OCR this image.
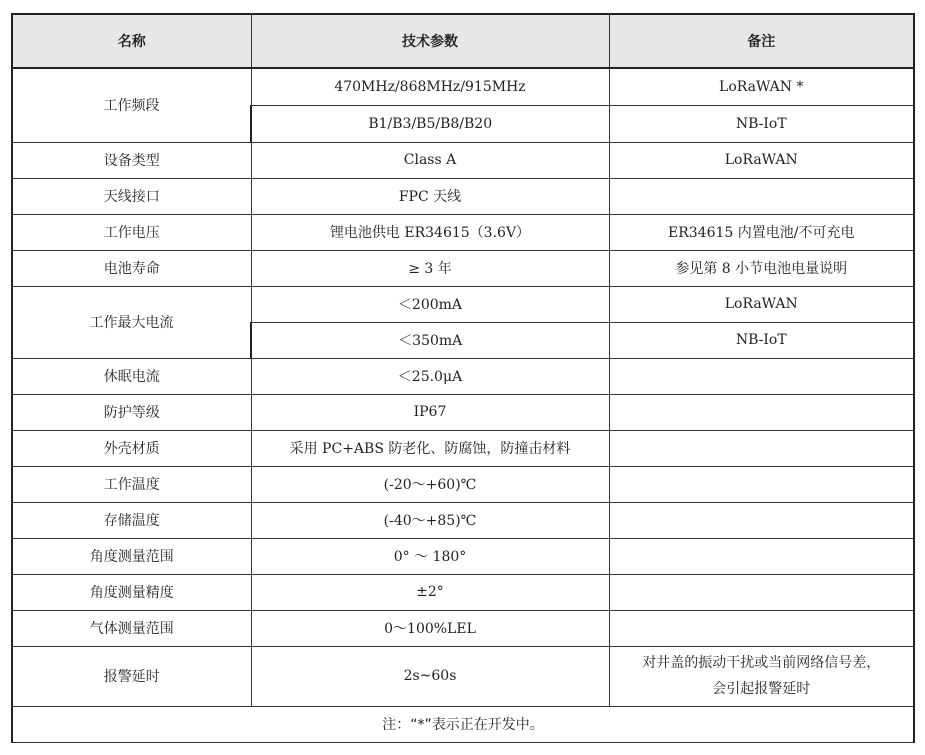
名称	技术参数	备注
工作频段	470MHz/868MHz/915MHz	LoRaWAN *
	B1/B3/B5/B8/B20	NB-IoT
设备类型	Class A	LoRaWAN
天线接口	FPC 天线	
工作电压	锂电池供电 ER34615（3.6V）	ER34615 内置电池/不可充电
电池寿命	≥ 3 年	参见第 8 小节电池电量说明
工作最大电流	＜200mA	LoRaWAN
	＜350mA	NB-IoT
休眠电流	＜25.0μA	
防护等级	IP67	
外壳材质	采用 PC+ABS 防老化、防腐蚀，防撞击材料	
工作温度	(-20～+60)℃	
存储温度	(-40～+85)℃	
角度测量范围	0° ～ 180°	
角度测量精度	±2°	
气体测量范围	0～100%LEL	
报警延时	2s~60s	对井盖的振动干扰或当前网络信号差，
会引起报警延时

注：“*”表示正在开发中。		
